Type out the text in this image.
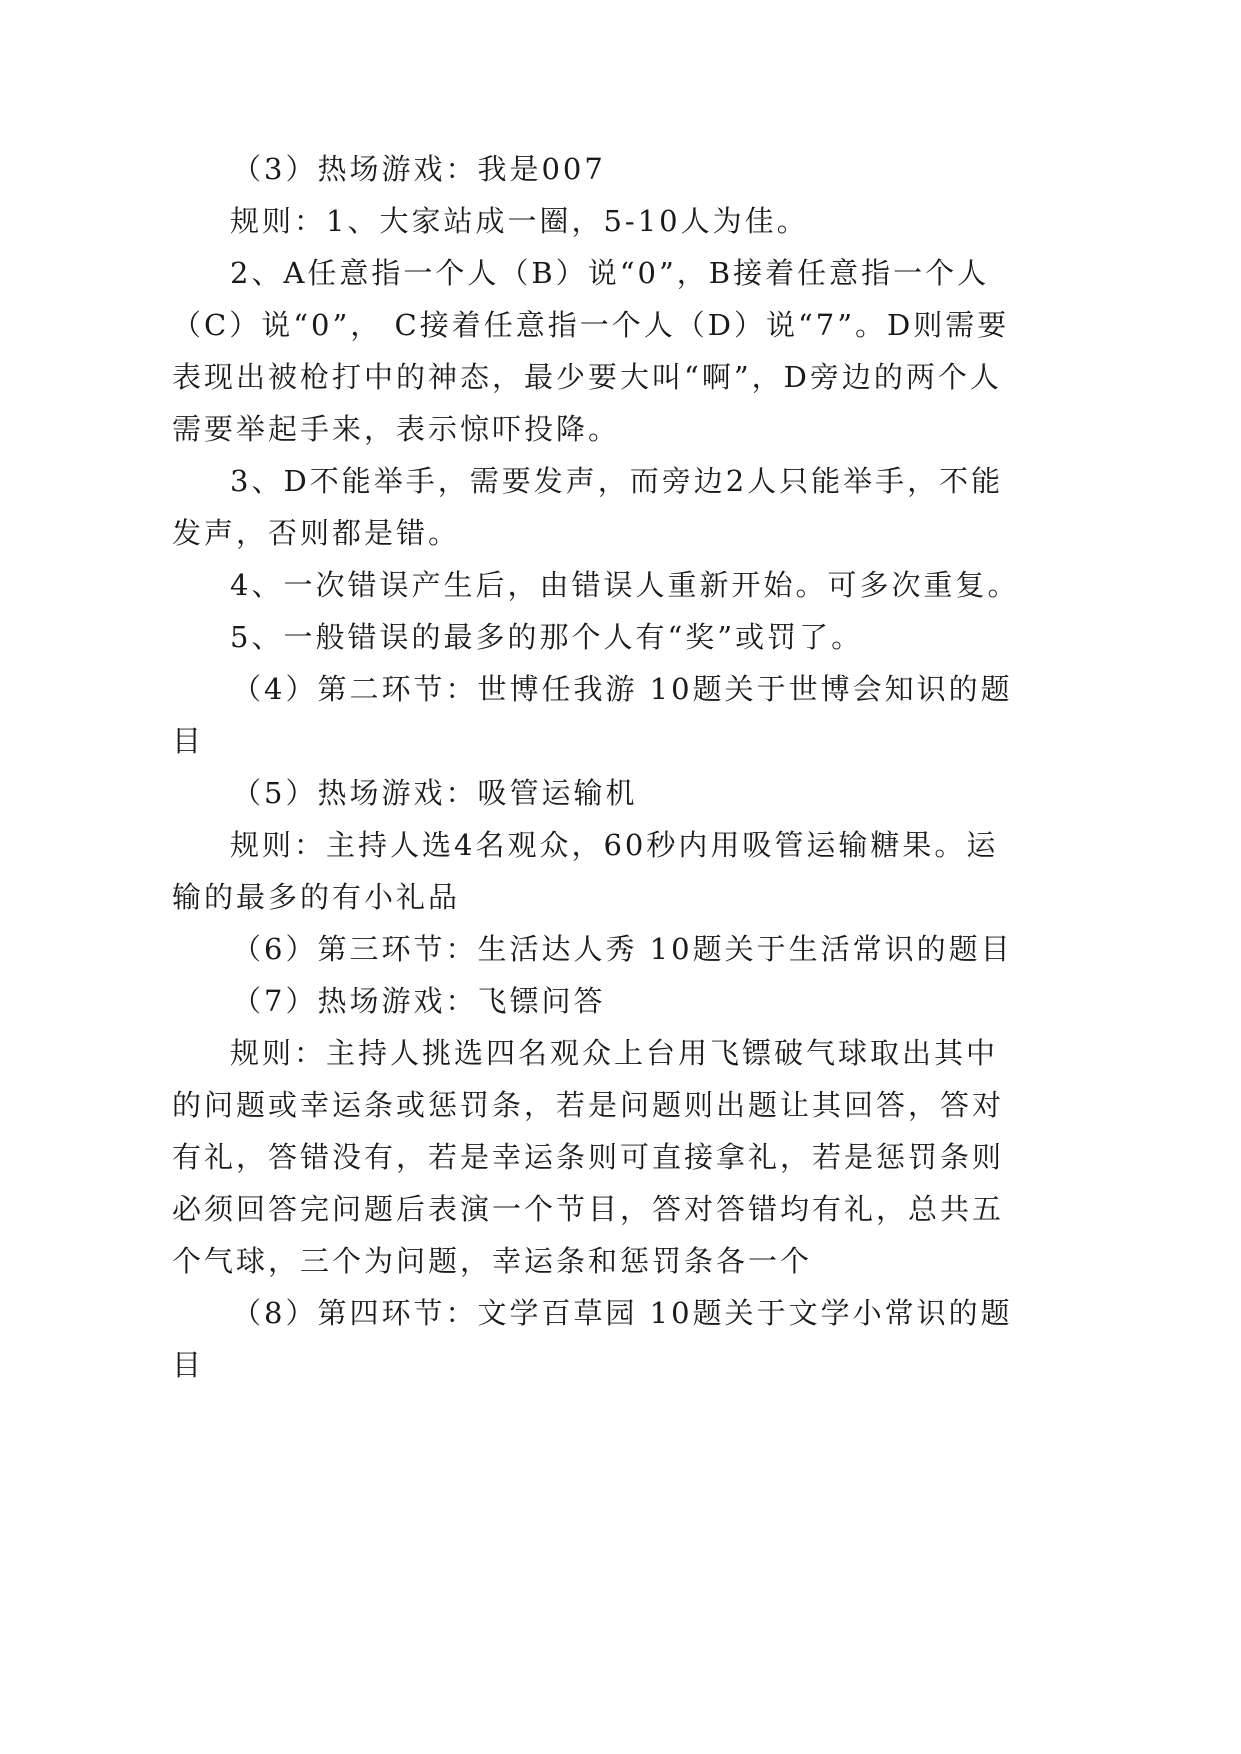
（3）热场游戏：我是007
规则：1、大家站成一圈，5-10人为佳。
2、A任意指一个人（B）说“0”，B接着任意指一个人
（C）说“0”， C接着任意指一个人（D）说“7”。D则需要
表现出被枪打中的神态，最少要大叫“啊”，D旁边的两个人
需要举起手来，表示惊吓投降。
3、D不能举手，需要发声，而旁边2人只能举手，不能
发声，否则都是错。
4、一次错误产生后，由错误人重新开始。可多次重复。
5、一般错误的最多的那个人有“奖”或罚了。
（4）第二环节：世博任我游 10题关于世博会知识的题
目
（5）热场游戏：吸管运输机
规则：主持人选4名观众，60秒内用吸管运输糖果。运
输的最多的有小礼品
（6）第三环节：生活达人秀 10题关于生活常识的题目
（7）热场游戏：飞镖问答
规则：主持人挑选四名观众上台用飞镖破气球取出其中
的问题或幸运条或惩罚条，若是问题则出题让其回答，答对
有礼，答错没有，若是幸运条则可直接拿礼，若是惩罚条则
必须回答完问题后表演一个节目，答对答错均有礼，总共五
个气球，三个为问题，幸运条和惩罚条各一个
（8）第四环节：文学百草园 10题关于文学小常识的题
目
